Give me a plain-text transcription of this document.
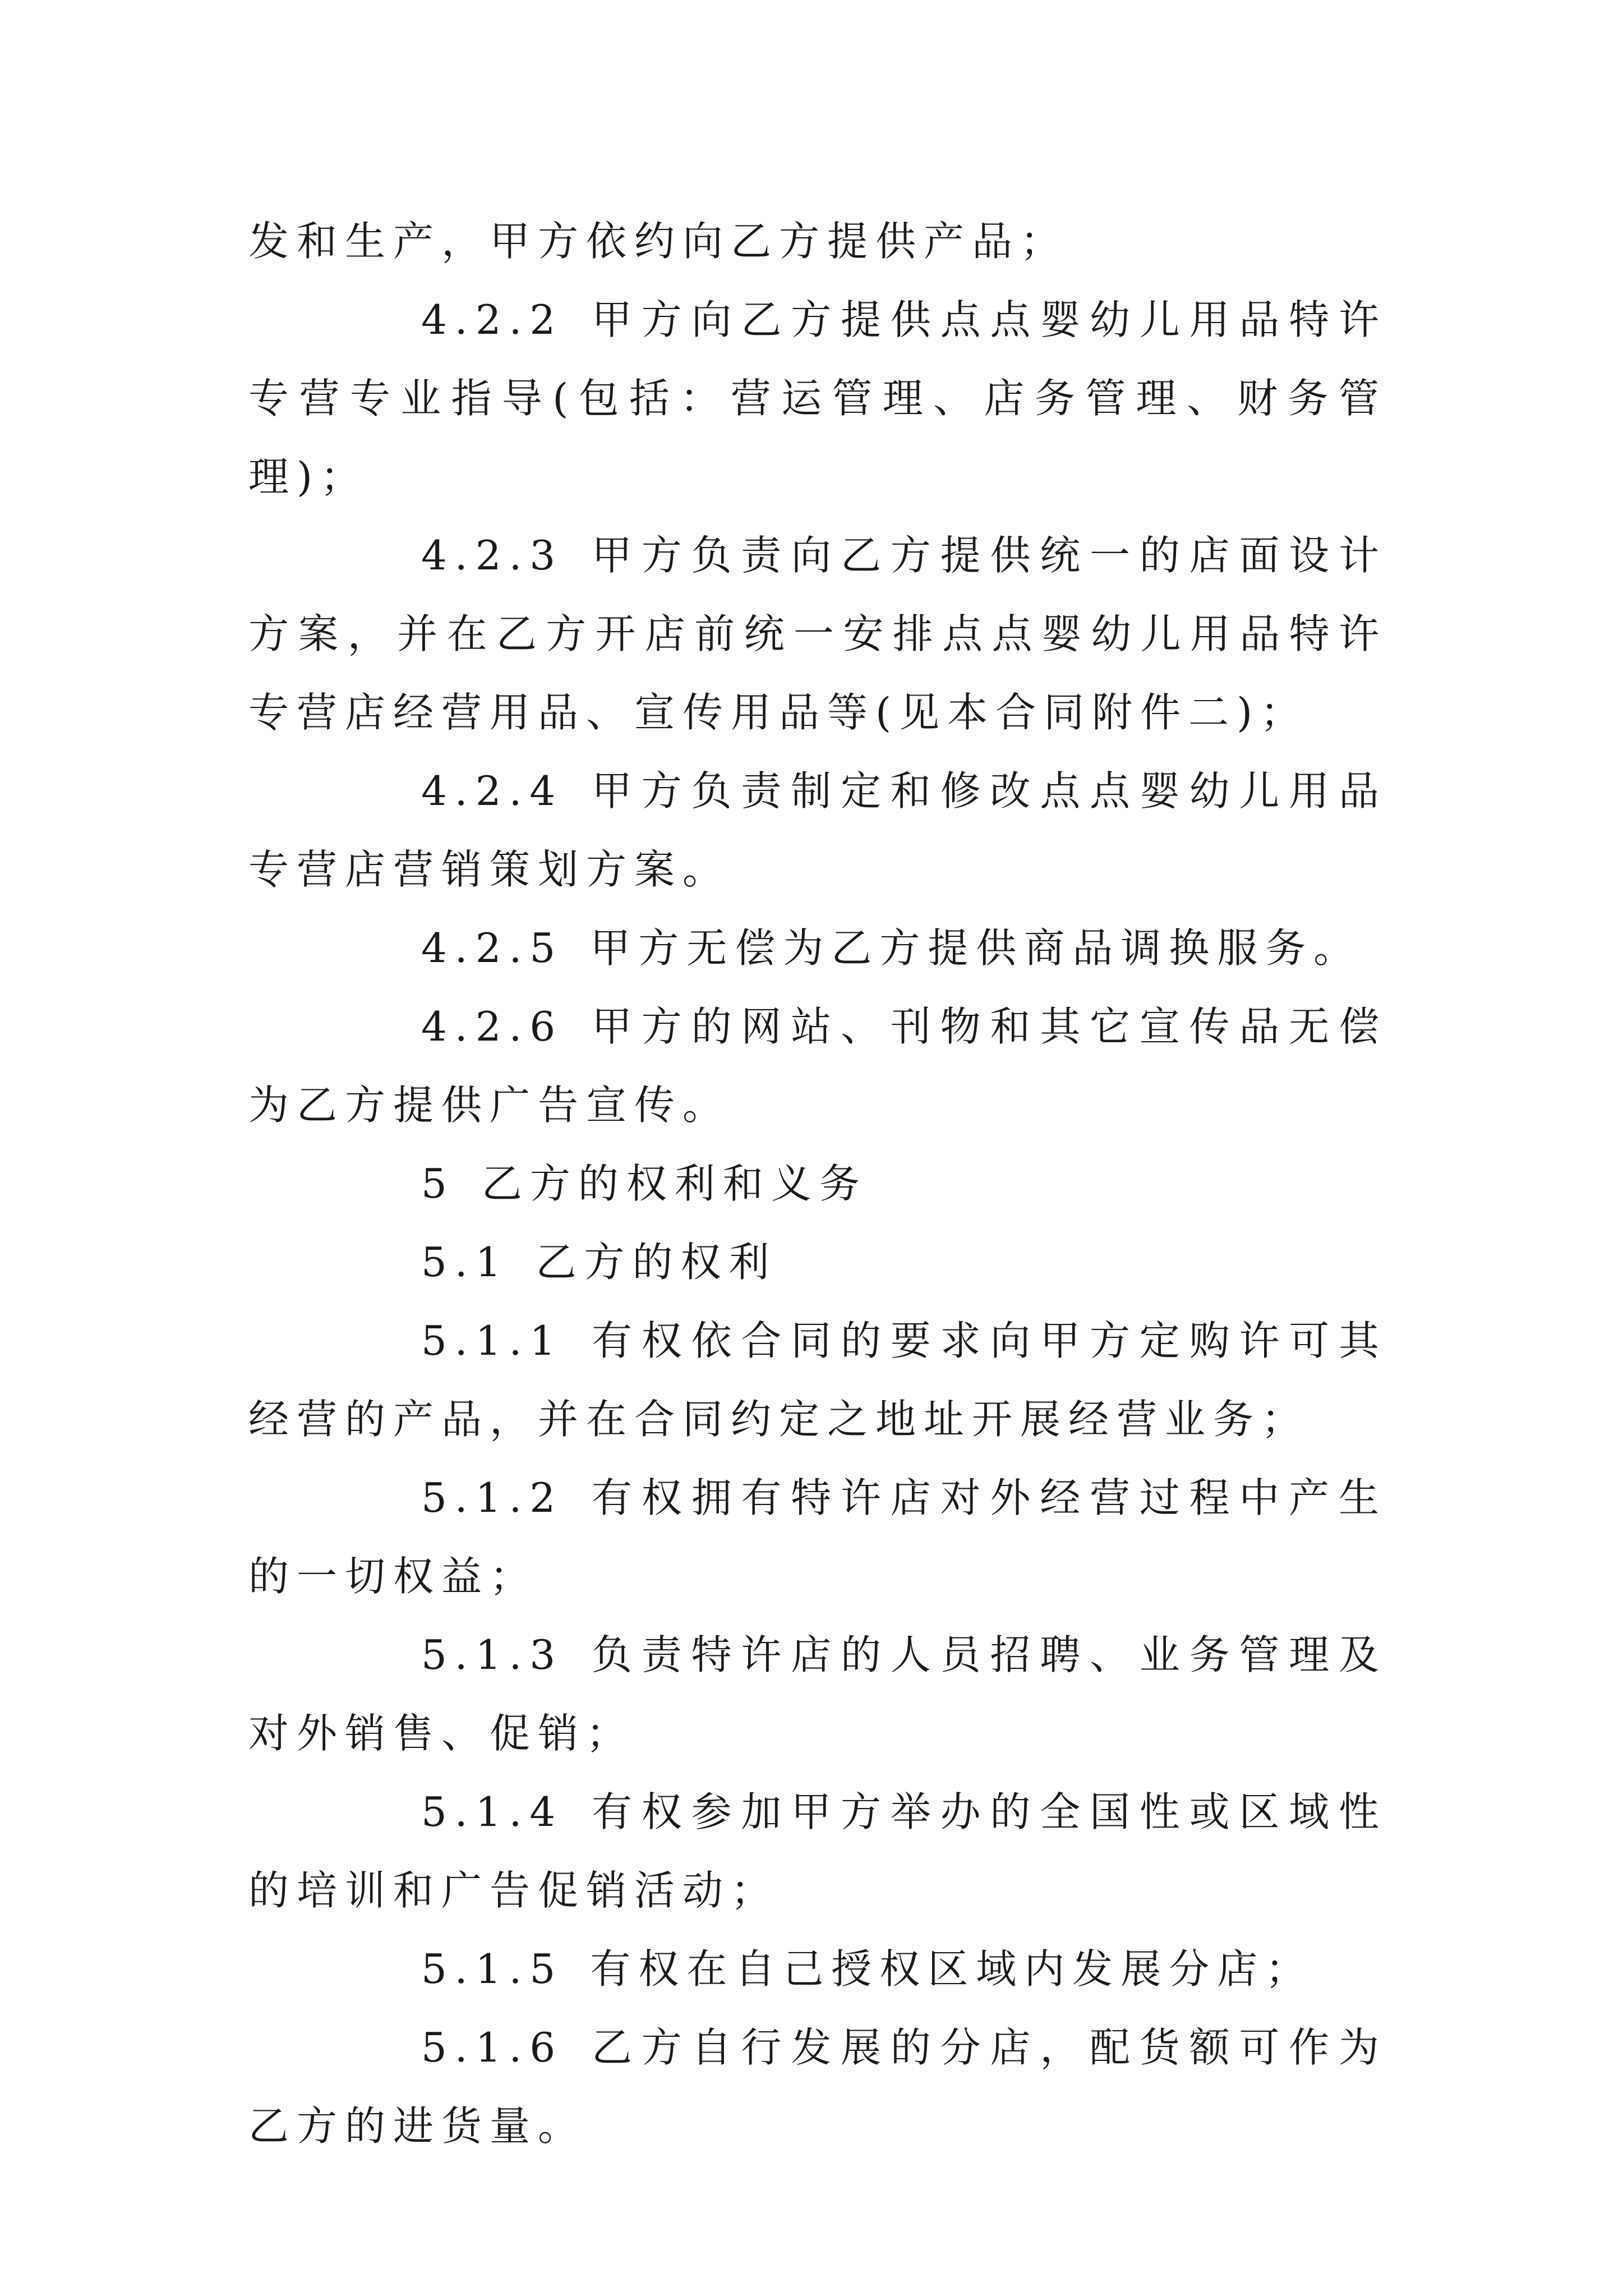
发和生产，甲方依约向乙方提供产品；

4.2.2 甲方向乙方提供点点婴幼儿用品特许专营专业指导(包括：营运管理、店务管理、财务管理)；

4.2.3 甲方负责向乙方提供统一的店面设计方案，并在乙方开店前统一安排点点婴幼儿用品特许专营店经营用品、宣传用品等(见本合同附件二)；

4.2.4 甲方负责制定和修改点点婴幼儿用品专营店营销策划方案。

4.2.5 甲方无偿为乙方提供商品调换服务。

4.2.6 甲方的网站、刊物和其它宣传品无偿为乙方提供广告宣传。

5 乙方的权利和义务

5.1 乙方的权利

5.1.1 有权依合同的要求向甲方定购许可其经营的产品，并在合同约定之地址开展经营业务；

5.1.2 有权拥有特许店对外经营过程中产生的一切权益；

5.1.3 负责特许店的人员招聘、业务管理及对外销售、促销；

5.1.4 有权参加甲方举办的全国性或区域性的培训和广告促销活动；

5.1.5 有权在自己授权区域内发展分店；

5.1.6 乙方自行发展的分店，配货额可作为乙方的进货量。
